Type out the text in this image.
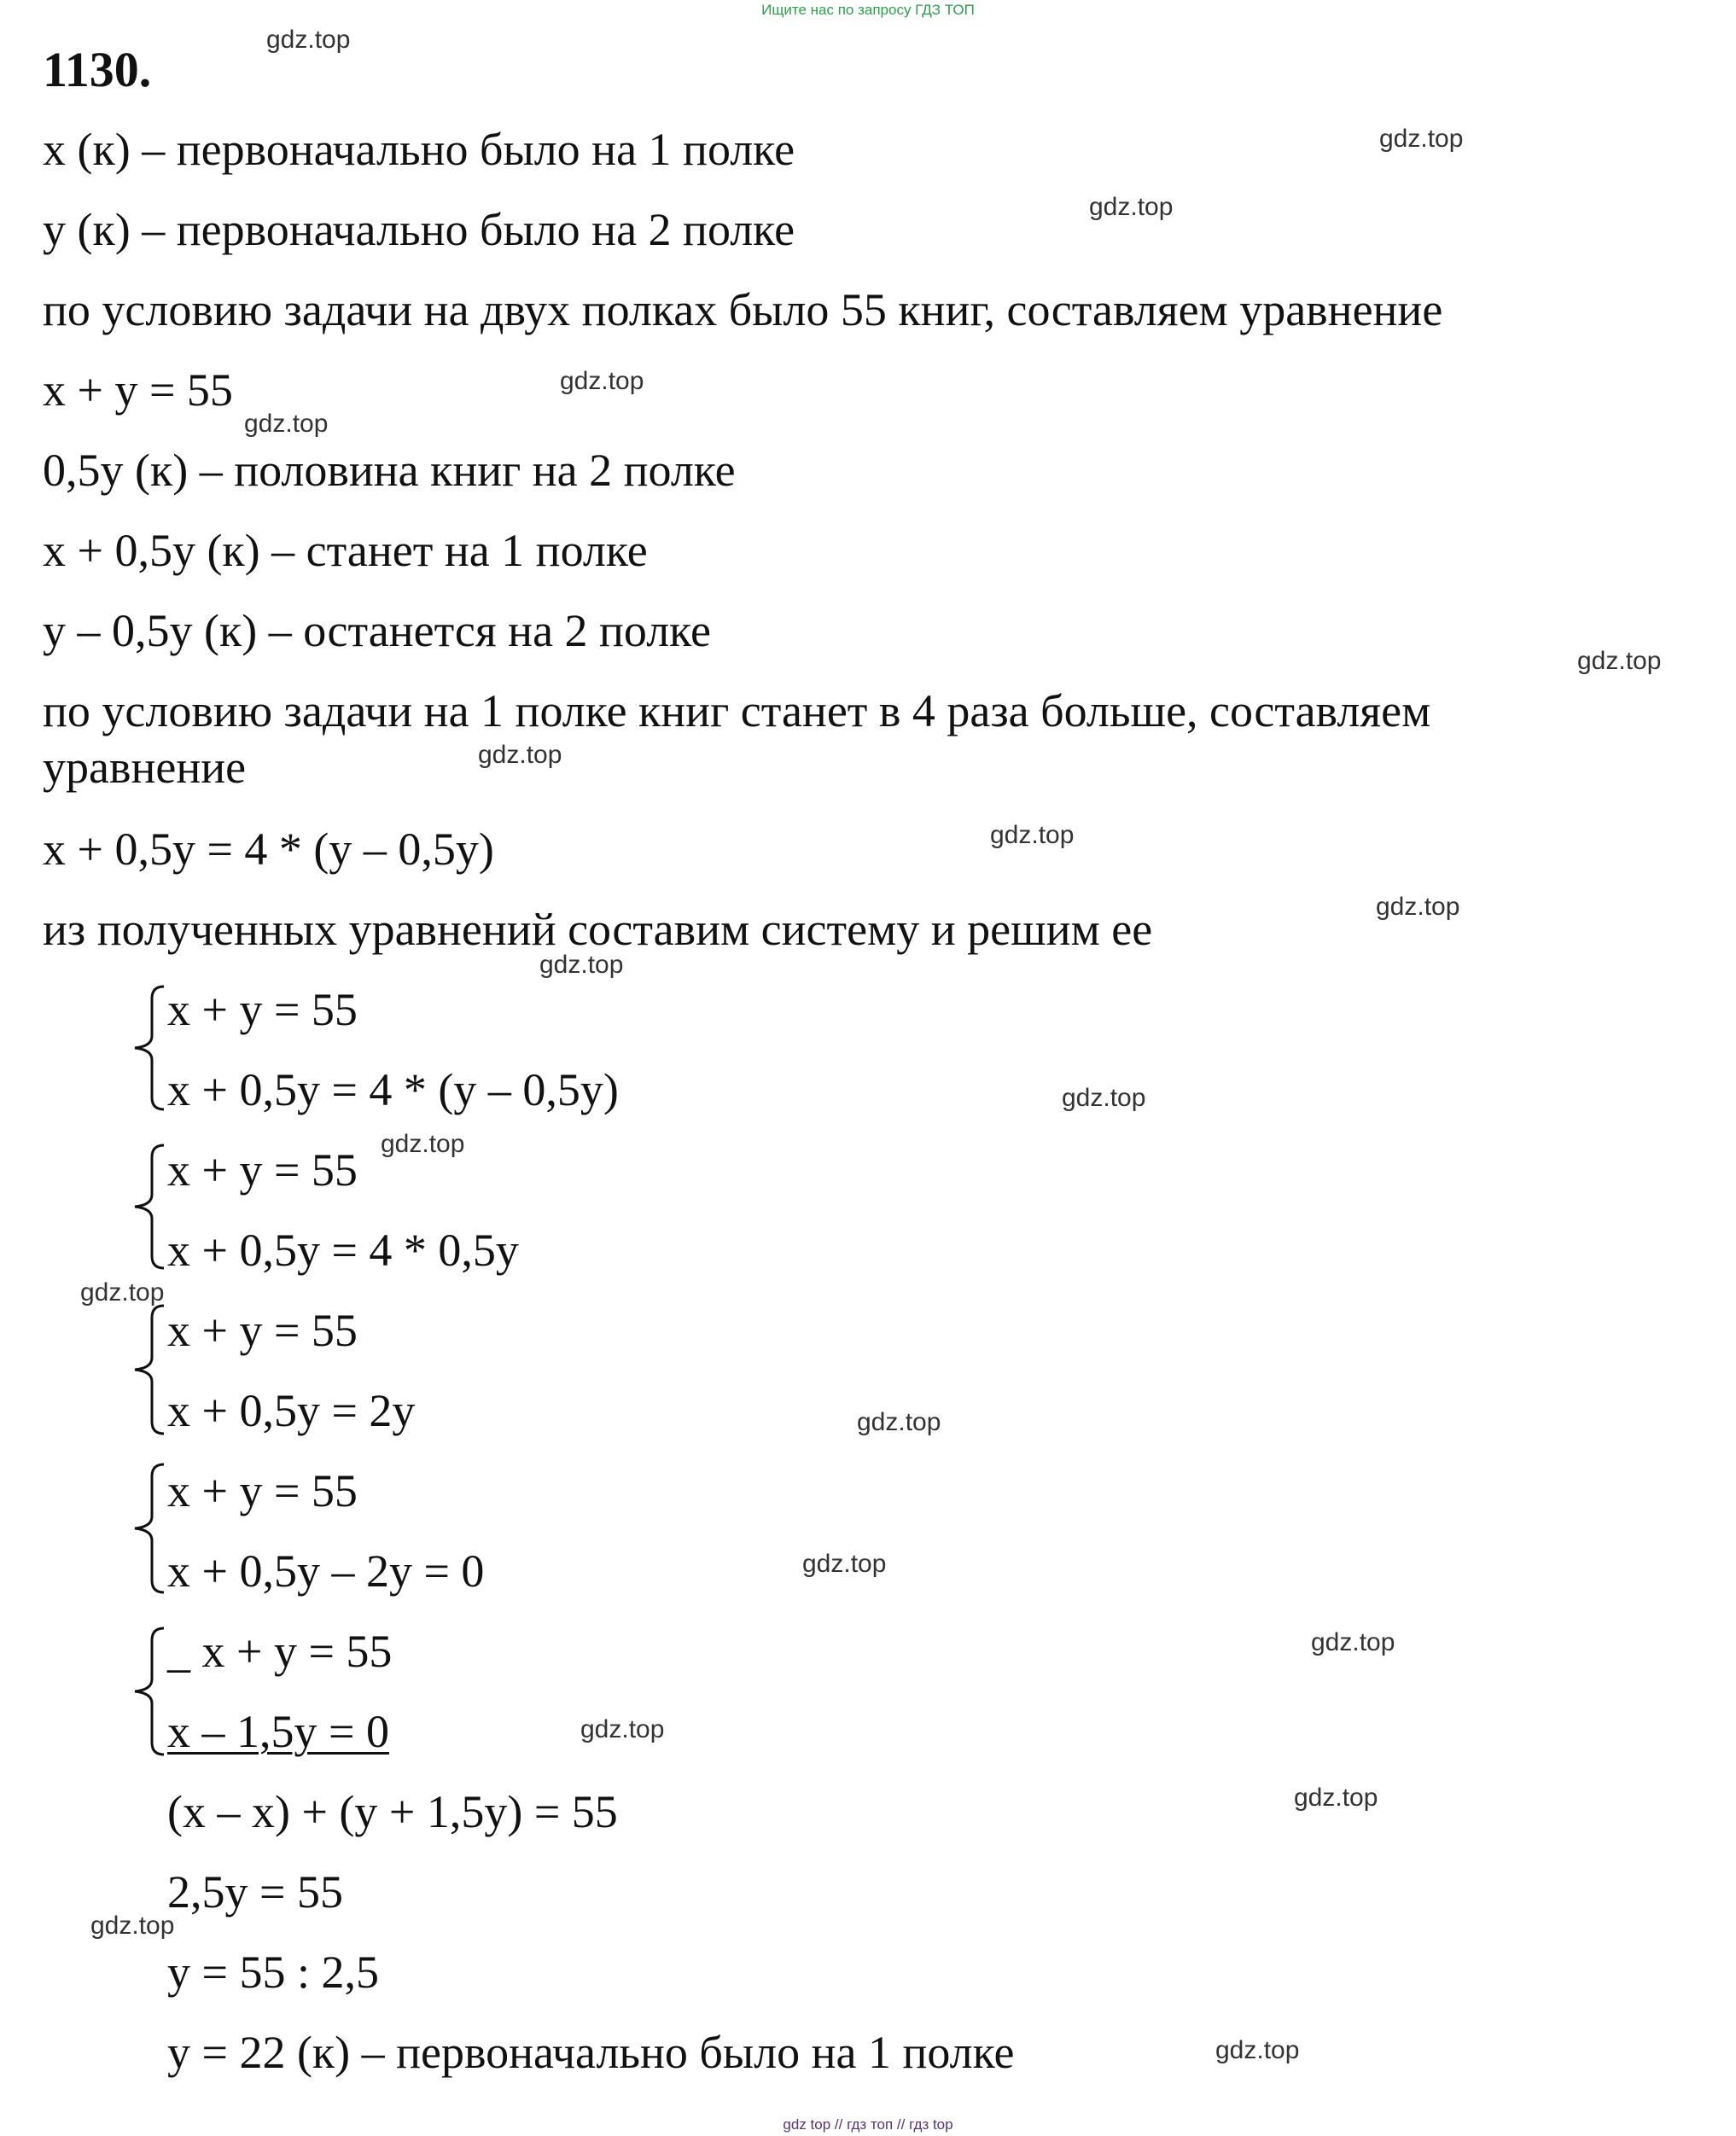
Ищите нас по запросу ГДЗ ТОП
1130.
x (к) – первоначально было на 1 полке
y (к) – первоначально было на 2 полке
по условию задачи на двух полках было 55 книг, составляем уравнение
x + y = 55
0,5y (к) – половина книг на 2 полке
x + 0,5y (к) – станет на 1 полке
y – 0,5y (к) – останется на 2 полке
по условию задачи на 1 полке книг станет в 4 раза больше, составляем
уравнение
x + 0,5y = 4 * (y – 0,5y)
из полученных уравнений составим систему и решим ее
x + y = 55
x + 0,5y = 4 * (y – 0,5y)
x + y = 55
x + 0,5y = 4 * 0,5y
x + y = 55
x + 0,5y = 2y
x + y = 55
x + 0,5y – 2y = 0
_ x + y = 55
x – 1,5y = 0
(x – x) + (y + 1,5y) = 55
2,5y = 55
y = 55 : 2,5
y = 22 (к) – первоначально было на 1 полке
gdz.top
gdz.top
gdz.top
gdz.top
gdz.top
gdz.top
gdz.top
gdz.top
gdz.top
gdz.top
gdz.top
gdz.top
gdz.top
gdz.top
gdz.top
gdz.top
gdz.top
gdz.top
gdz.top
gdz.top
gdz top // гдз топ // гдз top
